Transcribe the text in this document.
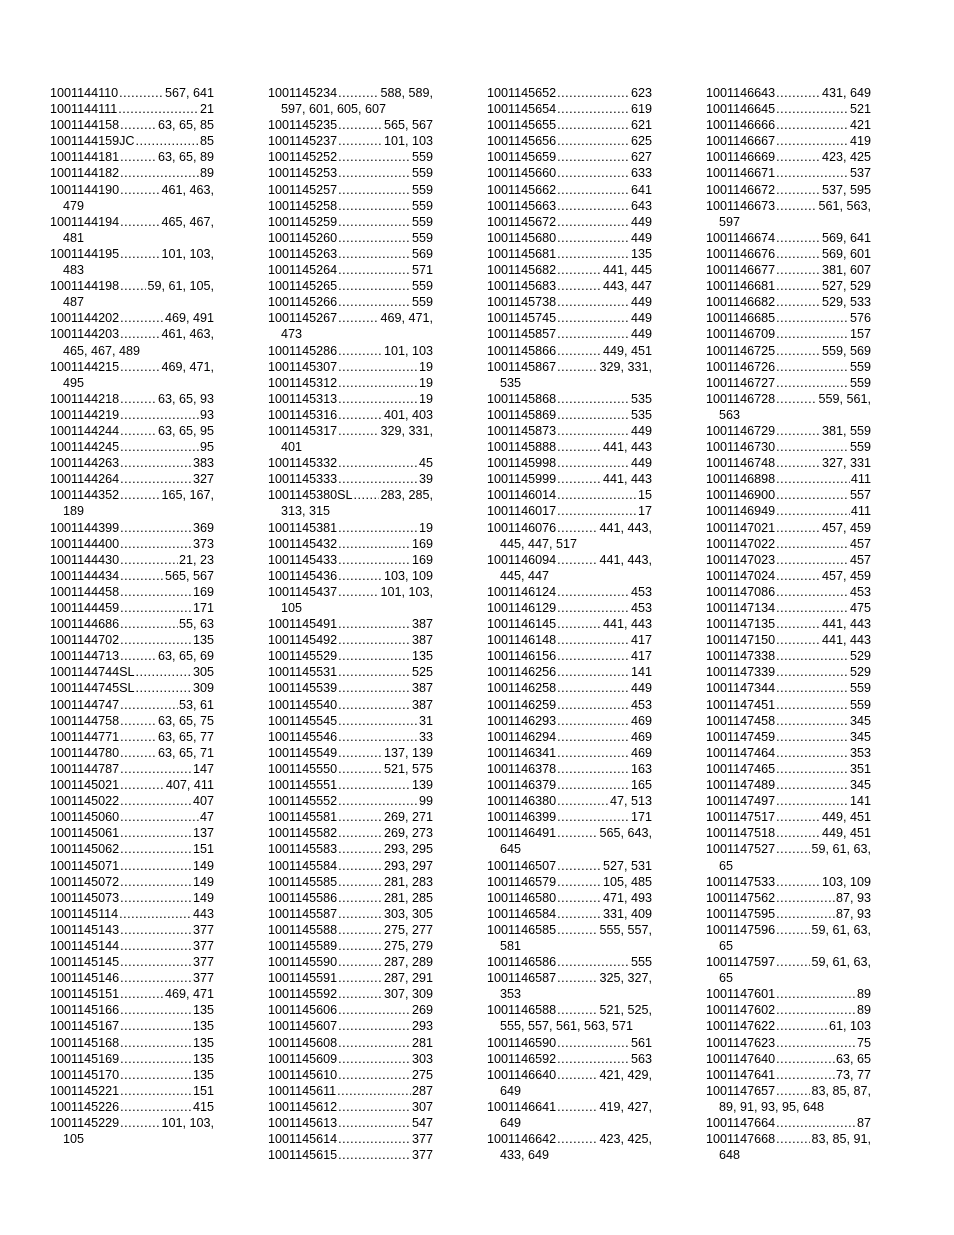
1001144110 .....	567, 641
1001144111 .....	21
1001144158 .....	63, 65, 85
1001144159JC .....	85
1001144181 .....	63, 65, 89
1001144182 .....	89
1001144190 .....	461, 463,
479
1001144194 .....	465, 467,
481
1001144195 .....	101, 103,
483
1001144198 ..... 59, 61, 105,
487
1001144202 .....	469, 491
1001144203 .....	461, 463,
465, 467, 489
1001144215 .....	469, 471,
495
1001144218 .....	63, 65, 93
1001144219 .....	93
1001144244 .....	63, 65, 95
1001144245 .....	95
1001144263 .....	383
1001144264 .....	327
1001144352 .....	165, 167,
189
1001144399 .....	369
1001144400 .....	373
1001144430 .....	21, 23
1001144434 .....	565, 567
1001144458 .....	169
1001144459 .....	171
1001144686 .....	55, 63
1001144702 .....	135
1001144713 .....	63, 65, 69
1001144744SL .....	305
1001144745SL .....	309
1001144747 .....	53, 61
1001144758 .....	63, 65, 75
1001144771 .....	63, 65, 77
1001144780 .....	63, 65, 71
1001144787 .....	147
1001145021 .....	407, 411
1001145022 .....	407
1001145060 .....	47
1001145061 .....	137
1001145062 .....	151
1001145071 .....	149
1001145072 .....	149
1001145073 .....	149
1001145114 .....	443
1001145143 .....	377
1001145144 .....	377
1001145145 .....	377
1001145146 .....	377
1001145151 .....	469, 471
1001145166 .....	135
1001145167 .....	135
1001145168 .....	135
1001145169 .....	135
1001145170 .....	135
1001145221 .....	151
1001145226 .....	415
1001145229 .....	101, 103,
105
1001145234 .....	588, 589,
597, 601, 605, 607
1001145235 .....	565, 567
1001145237 .....	101, 103
1001145252 .....	559
1001145253 .....	559
1001145257 .....	559
1001145258 .....	559
1001145259 .....	559
1001145260 .....	559
1001145263 .....	569
1001145264 .....	571
1001145265 .....	559
1001145266 .....	559
1001145267 .....	469, 471,
473
1001145286 .....	101, 103
1001145307 .....	19
1001145312 .....	19
1001145313 .....	19
1001145316 .....	401, 403
1001145317 .....	329, 331,
401
1001145332 .....	45
1001145333 .....	39
1001145380SL ..... 283, 285,
313, 315
1001145381 .....	19
1001145432 .....	169
1001145433 .....	169
1001145436 .....	103, 109
1001145437 .....	101, 103,
105
1001145491 .....	387
1001145492 .....	387
1001145529 .....	135
1001145531 .....	525
1001145539 .....	387
1001145540 .....	387
1001145545 .....	31
1001145546 .....	33
1001145549 .....	137, 139
1001145550 .....	521, 575
1001145551 .....	139
1001145552 .....	99
1001145581 .....	269, 271
1001145582 .....	269, 273
1001145583 .....	293, 295
1001145584 .....	293, 297
1001145585 .....	281, 283
1001145586 .....	281, 285
1001145587 .....	303, 305
1001145588 .....	275, 277
1001145589 .....	275, 279
1001145590 .....	287, 289
1001145591 .....	287, 291
1001145592 .....	307, 309
1001145606 .....	269
1001145607 .....	293
1001145608 .....	281
1001145609 .....	303
1001145610 .....	275
1001145611 .....	287
1001145612 .....	307
1001145613 .....	547
1001145614 .....	377
1001145615 .....	377
1001145652 .....	623
1001145654 .....	619
1001145655 .....	621
1001145656 .....	625
1001145659 .....	627
1001145660 .....	633
1001145662 .....	641
1001145663 .....	643
1001145672 .....	449
1001145680 .....	449
1001145681 .....	135
1001145682 .....	441, 445
1001145683 .....	443, 447
1001145738 .....	449
1001145745 .....	449
1001145857 .....	449
1001145866 .....	449, 451
1001145867 .....	329, 331,
535
1001145868 .....	535
1001145869 .....	535
1001145873 .....	449
1001145888 .....	441, 443
1001145998 .....	449
1001145999 .....	441, 443
1001146014 .....	15
1001146017 .....	17
1001146076 .....	441, 443,
445, 447, 517
1001146094 .....	441, 443,
445, 447
1001146124 .....	453
1001146129 .....	453
1001146145 .....	441, 443
1001146148 .....	417
1001146156 .....	417
1001146256 .....	141
1001146258 .....	449
1001146259 .....	453
1001146293 .....	469
1001146294 .....	469
1001146341 .....	469
1001146378 .....	163
1001146379 .....	165
1001146380 .....	47, 513
1001146399 .....	171
1001146491 .....	565, 643,
645
1001146507 .....	527, 531
1001146579 .....	105, 485
1001146580 .....	471, 493
1001146584 .....	331, 409
1001146585 .....	555, 557,
581
1001146586 .....	555
1001146587 .....	325, 327,
353
1001146588 .....	521, 525,
555, 557, 561, 563, 571
1001146590 .....	561
1001146592 .....	563
1001146640 .....	421, 429,
649
1001146641 .....	419, 427,
649
1001146642 .....	423, 425,
433, 649
1001146643 .....	431, 649
1001146645 .....	521
1001146666 .....	421
1001146667 .....	419
1001146669 .....	423, 425
1001146671 .....	537
1001146672 .....	537, 595
1001146673 .....	561, 563,
597
1001146674 .....	569, 641
1001146676 .....	569, 601
1001146677 .....	381, 607
1001146681 .....	527, 529
1001146682 .....	529, 533
1001146685 .....	576
1001146709 .....	157
1001146725 .....	559, 569
1001146726 .....	559
1001146727 .....	559
1001146728 .....	559, 561,
563
1001146729 .....	381, 559
1001146730 .....	559
1001146748 .....	327, 331
1001146898 .....	411
1001146900 .....	557
1001146949 .....	411
1001147021 .....	457, 459
1001147022 .....	457
1001147023 .....	457
1001147024 .....	457, 459
1001147086 .....	453
1001147134 .....	475
1001147135 .....	441, 443
1001147150 .....	441, 443
1001147338 .....	529
1001147339 .....	529
1001147344 .....	559
1001147451 .....	559
1001147458 .....	345
1001147459 .....	345
1001147464 .....	353
1001147465 .....	351
1001147489 .....	345
1001147497 .....	141
1001147517 .....	449, 451
1001147518 .....	449, 451
1001147527 .....	59, 61, 63,
65
1001147533 .....	103, 109
1001147562 .....	87, 93
1001147595 .....	87, 93
1001147596 .....	59, 61, 63,
65
1001147597 .....	59, 61, 63,
65
1001147601 .....	89
1001147602 .....	89
1001147622 .....	61, 103
1001147623 .....	75
1001147640 .....	63, 65
1001147641 .....	73, 77
1001147657 .....	83, 85, 87,
89, 91, 93, 95, 648
1001147664 .....	87
1001147668 .....	83, 85, 91,
648
